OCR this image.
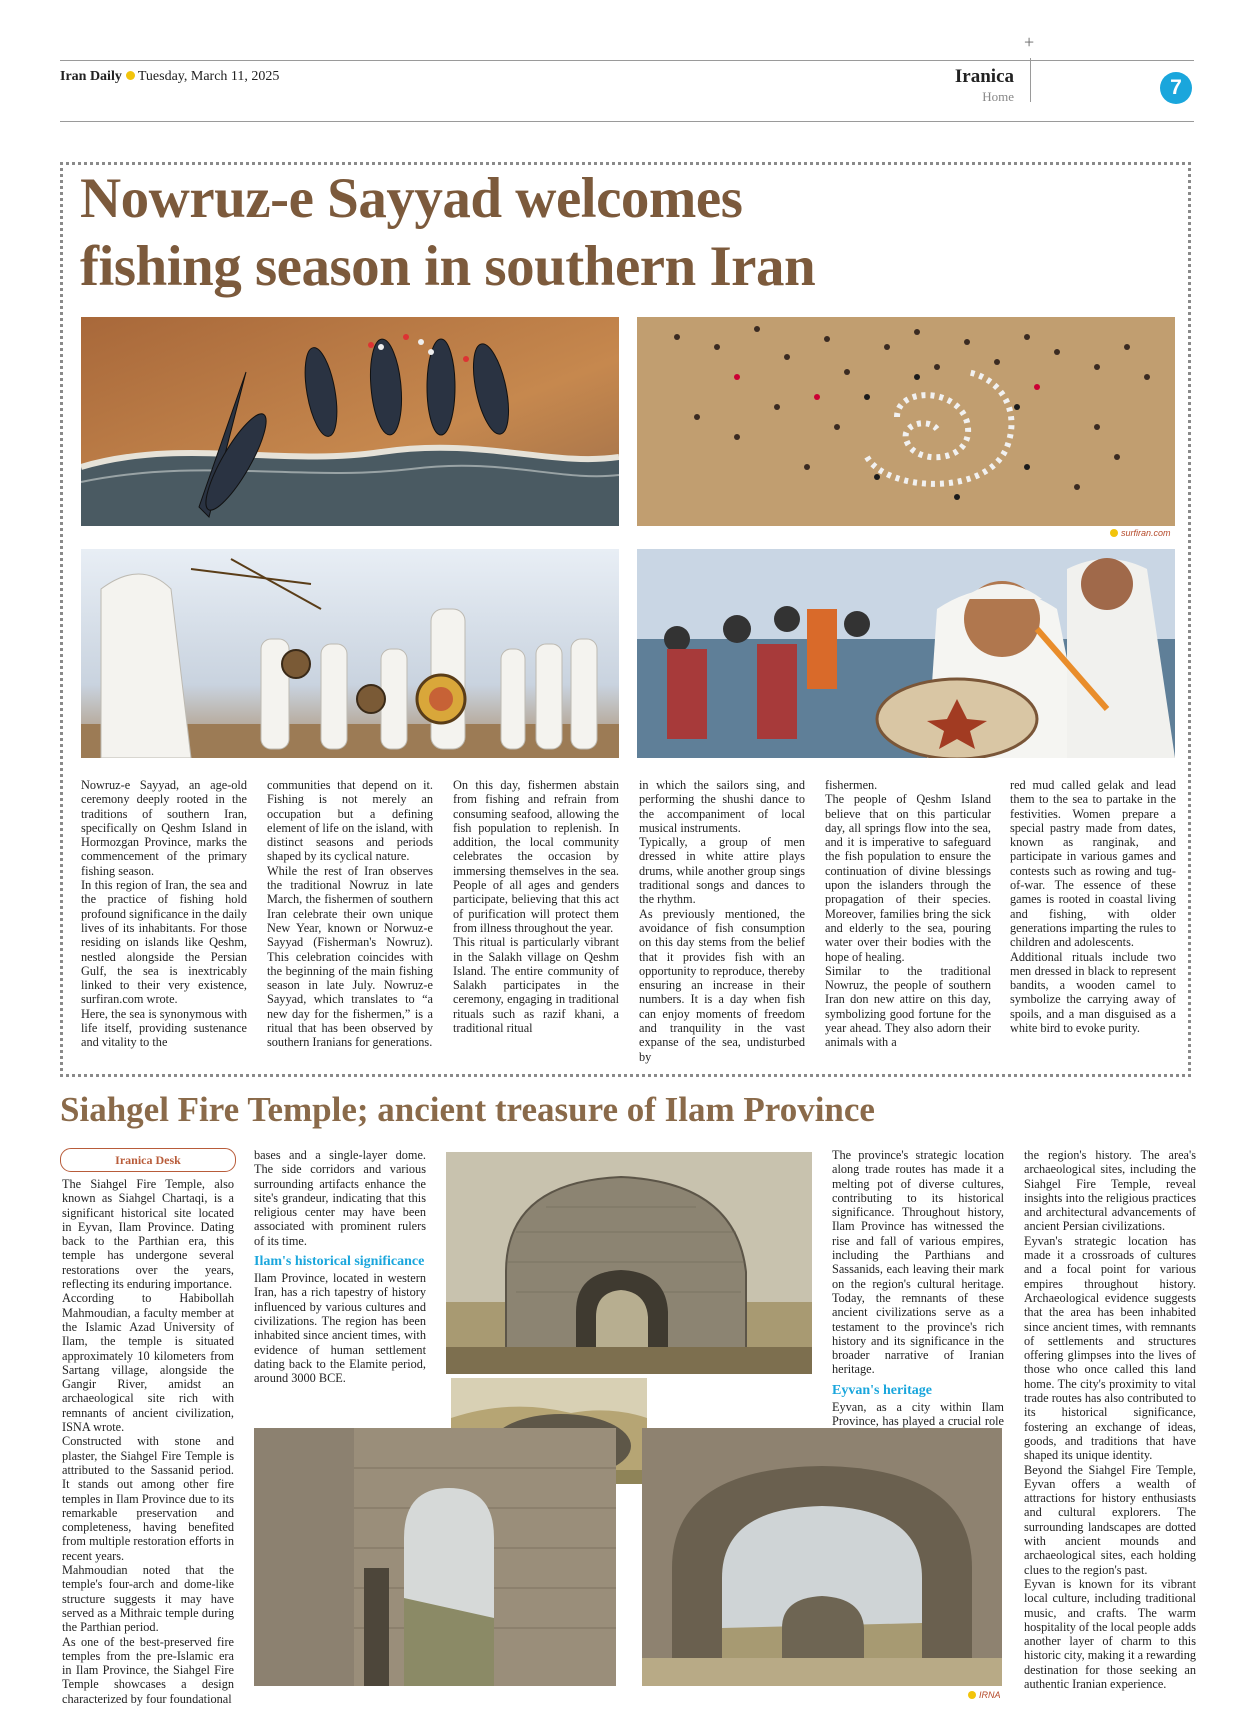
Iran Daily Tuesday, March 11, 2025
+
Iranica
Home	7
Nowruz-e Sayyad welcomes
fishing season in southern Iran
surfiran.com

Nowruz-e Sayyad, an age-old ceremony deeply rooted in the traditions of southern Iran, specifically on Qeshm Island in Hormozgan Province, marks the commencement of the primary fishing season.

In this region of Iran, the sea and the practice of fishing hold profound significance in the daily lives of its inhabitants. For those residing on islands like Qeshm, nestled alongside the Persian Gulf, the sea is inextricably linked to their very existence, surfiran.com wrote.

Here, the sea is synonymous with life itself, providing sustenance and vitality to the

communities that depend on it. Fishing is not merely an occupation but a defining element of life on the island, with distinct seasons and periods shaped by its cyclical nature.

While the rest of Iran observes the traditional Nowruz in late March, the fishermen of southern Iran celebrate their own unique New Year, known or Norwuz-e Sayyad (Fisherman's Nowruz). This celebration coincides with the beginning of the main fishing season in late July. Nowruz-e Sayyad, which translates to “a new day for the fishermen,” is a ritual that has been observed by southern Iranians for generations.

On this day, fishermen abstain from fishing and refrain from consuming seafood, allowing the fish population to replenish. In addition, the local community celebrates the occasion by immersing themselves in the sea. People of all ages and genders participate, believing that this act of purification will protect them from illness throughout the year.

This ritual is particularly vibrant in the Salakh village on Qeshm Island. The entire community of Salakh participates in the ceremony, engaging in traditional rituals such as razif khani, a traditional ritual

in which the sailors sing, and performing the shushi dance to the accompaniment of local musical instruments.

Typically, a group of men dressed in white attire plays drums, while another group sings traditional songs and dances to the rhythm.

As previously mentioned, the avoidance of fish consumption on this day stems from the belief that it provides fish with an opportunity to reproduce, thereby ensuring an increase in their numbers. It is a day when fish can enjoy moments of freedom and tranquility in the vast expanse of the sea, undisturbed by

fishermen.

The people of Qeshm Island believe that on this particular day, all springs flow into the sea, and it is imperative to safeguard the fish population to ensure the continuation of divine blessings upon the islanders through the propagation of their species. Moreover, families bring the sick and elderly to the sea, pouring water over their bodies with the hope of healing.

Similar to the traditional Nowruz, the people of southern Iran don new attire on this day, symbolizing good fortune for the year ahead. They also adorn their animals with a

red mud called gelak and lead them to the sea to partake in the festivities. Women prepare a special pastry made from dates, known as ranginak, and participate in various games and contests such as rowing and tug-of-war. The essence of these games is rooted in coastal living and fishing, with older generations imparting the rules to children and adolescents.

Additional rituals include two men dressed in black to represent bandits, a wooden camel to symbolize the carrying away of spoils, and a man disguised as a white bird to evoke purity.

Siahgel Fire Temple; ancient treasure of Ilam Province
Iranica Desk

The Siahgel Fire Temple, also known as Siahgel Chartaqi, is a significant historical site located in Eyvan, Ilam Province. Dating back to the Parthian era, this temple has undergone several restorations over the years, reflecting its enduring importance.

According to Habibollah Mahmoudian, a faculty member at the Islamic Azad University of Ilam, the temple is situated approximately 10 kilometers from Sartang village, alongside the Gangir River, amidst an archaeological site rich with remnants of ancient civilization, ISNA wrote.

Constructed with stone and plaster, the Siahgel Fire Temple is attributed to the Sassanid period. It stands out among other fire temples in Ilam Province due to its remarkable preservation and completeness, having benefited from multiple restoration efforts in recent years.

Mahmoudian noted that the temple's four-arch and dome-like structure suggests it may have served as a Mithraic temple during the Parthian period.

As one of the best-preserved fire temples from the pre-Islamic era in Ilam Province, the Siahgel Fire Temple showcases a design characterized by four foundational

bases and a single-layer dome. The side corridors and various surrounding artifacts enhance the site's grandeur, indicating that this religious center may have been associated with prominent rulers of its time.

Ilam's historical significance

Ilam Province, located in western Iran, has a rich tapestry of history influenced by various cultures and civilizations. The region has been inhabited since ancient times, with evidence of human settlement dating back to the Elamite period, around 3000 BCE.

The province's strategic location along trade routes has made it a melting pot of diverse cultures, contributing to its historical significance. Throughout history, Ilam Province has witnessed the rise and fall of various empires, including the Parthians and Sassanids, each leaving their mark on the region's cultural heritage. Today, the remnants of these ancient civilizations serve as a testament to the province's rich history and its significance in the broader narrative of Iranian heritage.

Eyvan's heritage

Eyvan, as a city within Ilam Province, has played a crucial role

the region's history. The area's archaeological sites, including the Siahgel Fire Temple, reveal insights into the religious practices and architectural advancements of ancient Persian civilizations.

Eyvan's strategic location has made it a crossroads of cultures and a focal point for various empires throughout history. Archaeological evidence suggests that the area has been inhabited since ancient times, with remnants of settlements and structures offering glimpses into the lives of those who once called this land home. The city's proximity to vital trade routes has also contributed to its historical significance, fostering an exchange of ideas, goods, and traditions that have shaped its unique identity.

Beyond the Siahgel Fire Temple, Eyvan offers a wealth of attractions for history enthusiasts and cultural explorers. The surrounding landscapes are dotted with ancient mounds and archaeological sites, each holding clues to the region's past.

Eyvan is known for its vibrant local culture, including traditional music, and crafts. The warm hospitality of the local people adds another layer of charm to this historic city, making it a rewarding destination for those seeking an authentic Iranian experience.

IRNA
